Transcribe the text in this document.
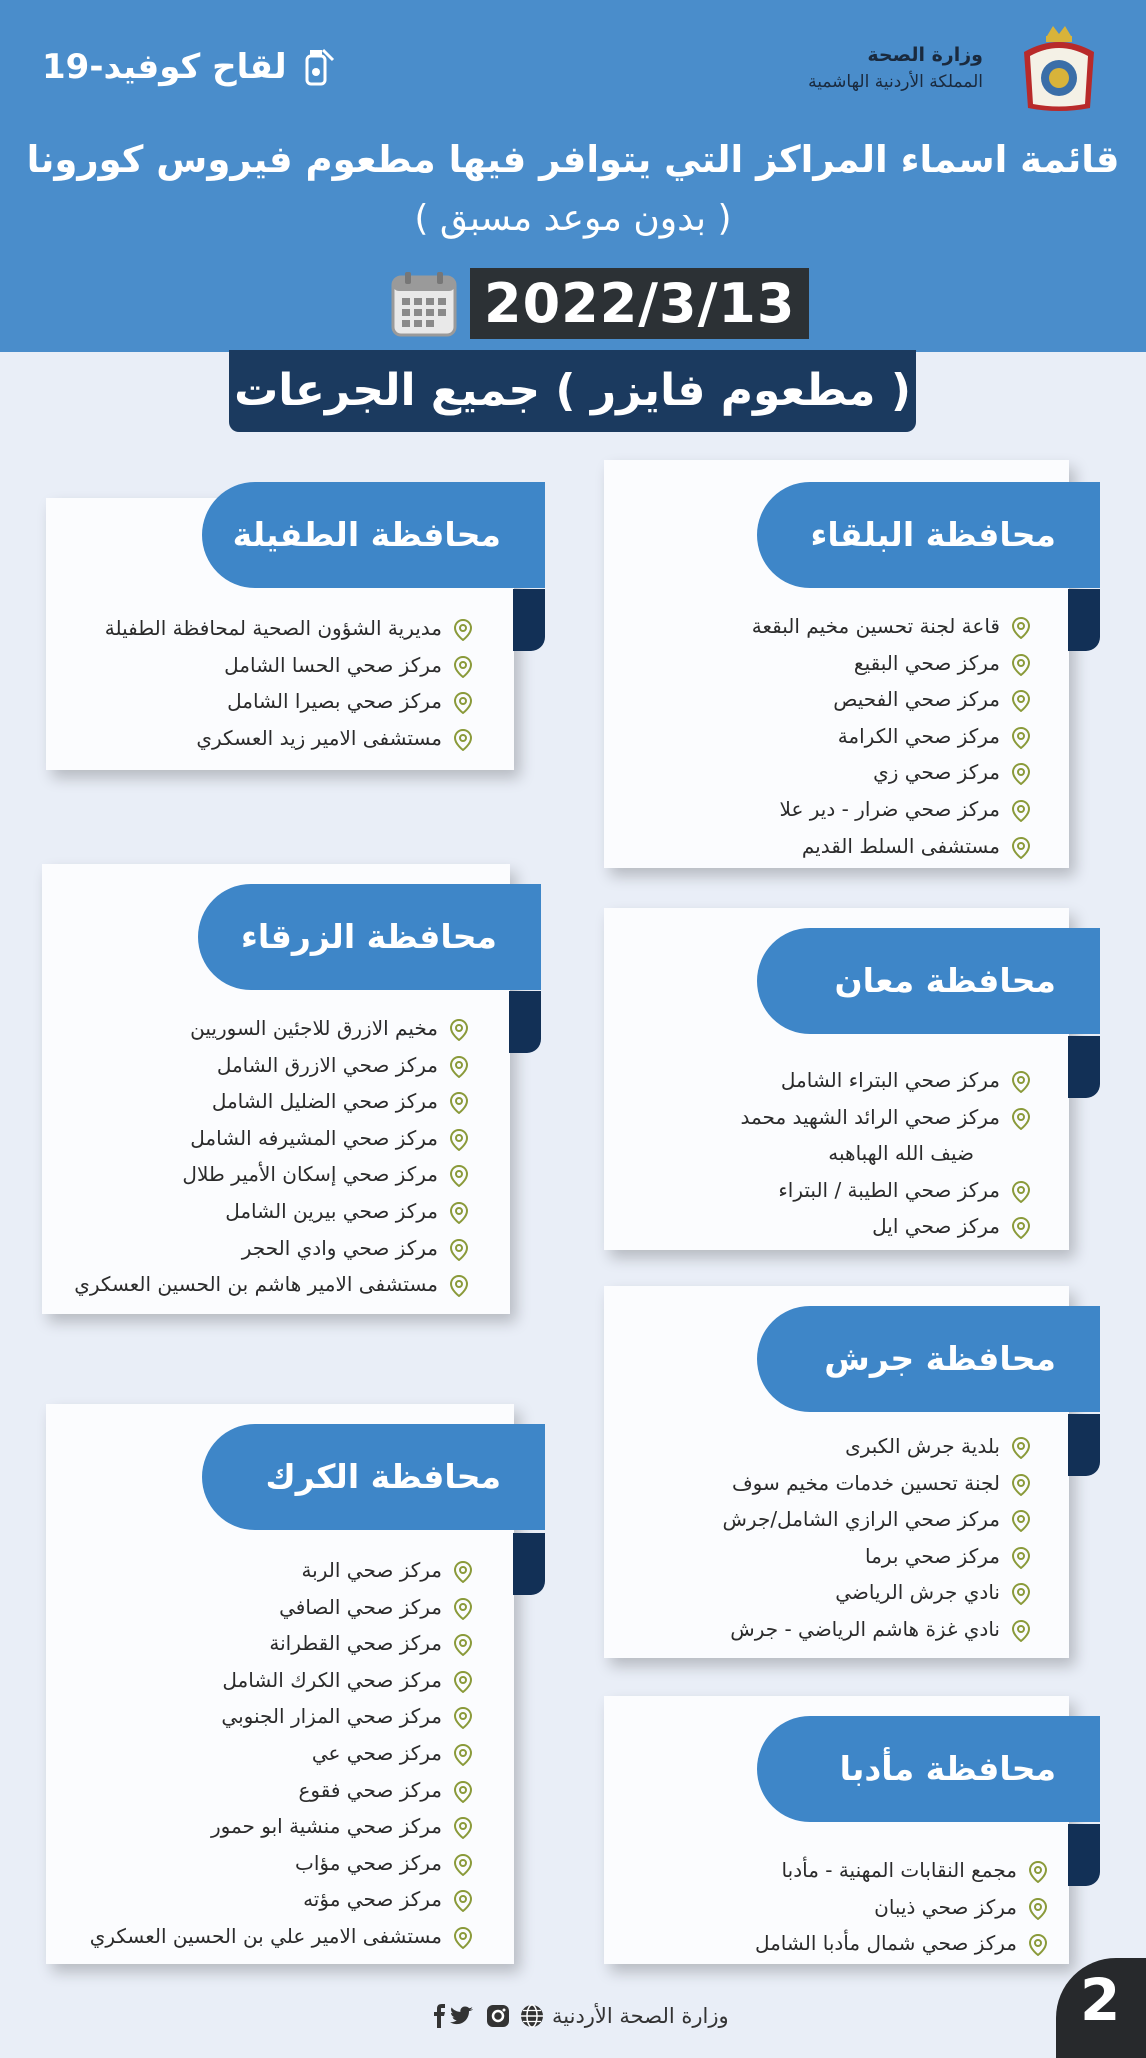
وزارة الصحة
المملكة الأردنية الهاشمية
لقاح كوفيد-19
قائمة اسماء المراكز التي يتوافر فيها مطعوم فيروس كورونا
( بدون موعد مسبق )
2022/3/13
( مطعوم فايزر ) جميع الجرعات
محافظة البلقاء
قاعة لجنة تحسين مخيم البقعة
مركز صحي البقيع
مركز صحي الفحيص
مركز صحي الكرامة
مركز صحي زي
مركز صحي ضرار - دير علا
مستشفى السلط القديم
محافظة الطفيلة
مديرية الشؤون الصحية لمحافظة الطفيلة
مركز صحي الحسا الشامل
مركز صحي بصيرا الشامل
مستشفى الامير زيد العسكري
محافظة معان
مركز صحي البتراء الشامل
مركز صحي الرائد الشهيد محمد
ضيف الله الهباهبه
مركز صحي الطيبة / البتراء
مركز صحي ايل
محافظة الزرقاء
مخيم الازرق للاجئين السوريين
مركز صحي الازرق الشامل
مركز صحي الضليل الشامل
مركز صحي المشيرفه الشامل
مركز صحي إسكان الأمير طلال
مركز صحي بيرين الشامل
مركز صحي وادي الحجر
مستشفى الامير هاشم بن الحسين العسكري
محافظة جرش
بلدية جرش الكبرى
لجنة تحسين خدمات مخيم سوف
مركز صحي الرازي الشامل/جرش
مركز صحي برما
نادي جرش الرياضي
نادي غزة هاشم الرياضي - جرش
محافظة الكرك
مركز صحي الربة
مركز صحي الصافي
مركز صحي القطرانة
مركز صحي الكرك الشامل
مركز صحي المزار الجنوبي
مركز صحي عي
مركز صحي فقوع
مركز صحي منشية ابو حمور
مركز صحي مؤاب
مركز صحي مؤته
مستشفى الامير علي بن الحسين العسكري
محافظة مأدبا
مجمع النقابات المهنية - مأدبا
مركز صحي ذيبان
مركز صحي شمال مأدبا الشامل
وزارة الصحة الأردنية	2
